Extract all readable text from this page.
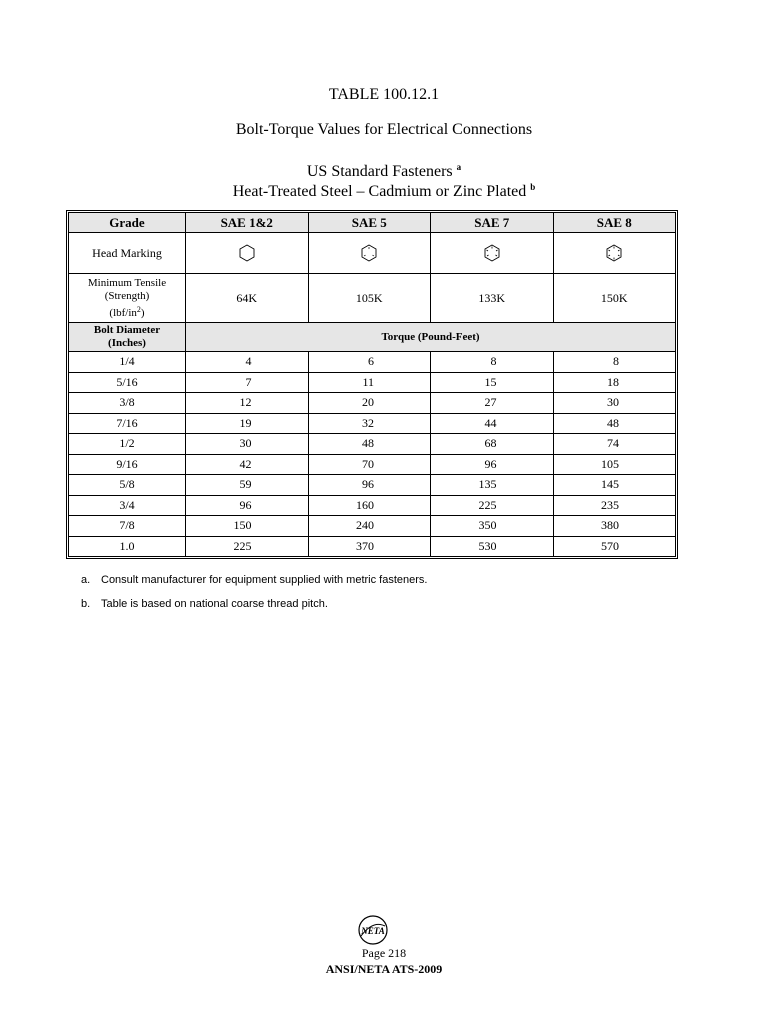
TABLE 100.12.1
Bolt-Torque Values for Electrical Connections
US Standard Fasteners $^a$
Heat-Treated Steel – Cadmium or Zinc Plated $^b$
Grade	SAE 1&2	SAE 5	SAE 7	SAE 8
Head Marking	

Minimum Tensile
(Strength)
$(lbf/in^2)$	64K	105K	133K	150K

Bolt Diameter
(Inches)	Torque (Pound-Feet)			
1/4	4	6	8	8
5/16	7	11	15	18
3/8	12	20	27	30
7/16	19	32	44	48
1/2	30	48	68	74
9/16	42	70	96	105
5/8	59	96	135	145
3/4	96	160	225	235
7/8	150	240	350	380
1.0	225	370	530	570
a. Consult manufacturer for equipment supplied with metric fasteners.
b. Table is based on national coarse thread pitch.
NETA
Page 218
ANSI/NETA ATS-2009
